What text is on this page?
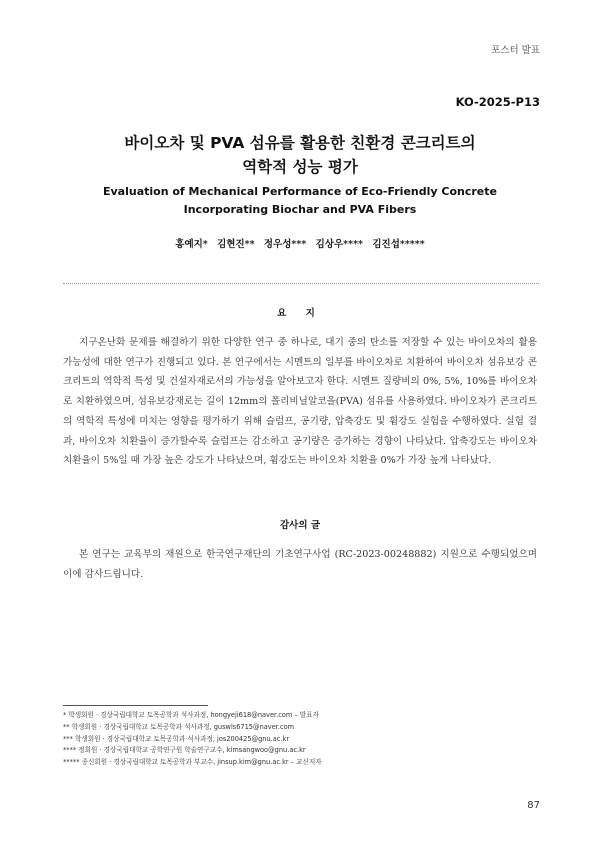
포스터 발표
KO-2025-P13
바이오차 및 PVA 섬유를 활용한 친환경 콘크리트의
역학적 성능 평가
Evaluation of Mechanical Performance of Eco-Friendly Concrete
Incorporating Biochar and PVA Fibers
홍예지* 김현진** 정우성*** 김상우**** 김진섭*****
요 지
지구온난화 문제를 해결하기 위한 다양한 연구 중 하나로, 대기 중의 탄소를 저장할 수 있는 바이오차의 활용 가능성에 대한 연구가 진행되고 있다. 본 연구에서는 시멘트의 일부를 바이오차로 치환하여 바이오차 섬유보강 콘크리트의 역학적 특성 및 건설자재로서의 가능성을 알아보고자 한다. 시멘트 질량비의 0%, 5%, 10%를 바이오차로 치환하였으며, 섬유보강재로는 길이 12mm의 폴리비닐알코올(PVA) 섬유를 사용하였다. 바이오차가 콘크리트의 역학적 특성에 미치는 영향을 평가하기 위해 슬럼프, 공기량, 압축강도 및 휨강도 실험을 수행하였다. 실험 결과, 바이오차 치환율이 증가할수록 슬럼프는 감소하고 공기량은 증가하는 경향이 나타났다. 압축강도는 바이오차 치환율이 5%일 때 가장 높은 강도가 나타났으며, 휨강도는 바이오차 치환율 0%가 가장 높게 나타났다.
감사의 글
본 연구는 교육부의 재원으로 한국연구재단의 기초연구사업 (RC-2023-00248882) 지원으로 수행되었으며 이에 감사드립니다.
* 학생회원 · 경상국립대학교 토목공학과 석사과정, hongyeji618@naver.com – 발표자
** 학생회원 · 경상국립대학교 토목공학과 석사과정, guswls6715@naver.com
*** 학생회원 · 경상국립대학교 토목공학과 석사과정, jos200425@gnu.ac.kr
**** 정회원 · 경상국립대학교 공학연구원 학술연구교수, kimsangwoo@gnu.ac.kr
***** 종신회원 · 경상국립대학교 토목공학과 부교수, jinsup.kim@gnu.ac.kr – 교신저자
87
